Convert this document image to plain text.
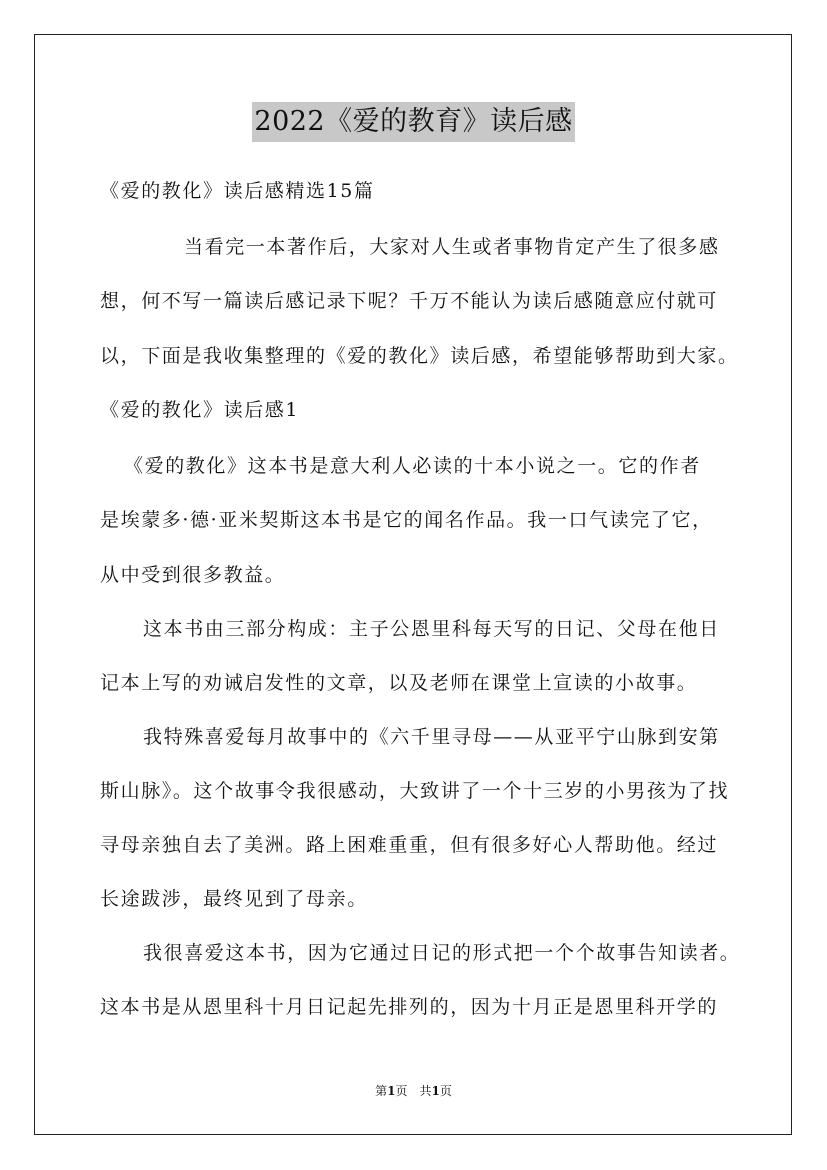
2022《爱的教育》读后感
《爱的教化》读后感精选15篇
当看完一本著作后，大家对人生或者事物肯定产生了很多感
想，何不写一篇读后感记录下呢？千万不能认为读后感随意应付就可
以，下面是我收集整理的《爱的教化》读后感，希望能够帮助到大家。
《爱的教化》读后感1
《爱的教化》这本书是意大利人必读的十本小说之一。它的作者
是埃蒙多·德·亚米契斯这本书是它的闻名作品。我一口气读完了它，
从中受到很多教益。
这本书由三部分构成：主子公恩里科每天写的日记、父母在他日
记本上写的劝诫启发性的文章，以及老师在课堂上宣读的小故事。
我特殊喜爱每月故事中的《六千里寻母——从亚平宁山脉到安第
斯山脉》。这个故事令我很感动，大致讲了一个十三岁的小男孩为了找
寻母亲独自去了美洲。路上困难重重，但有很多好心人帮助他。经过
长途跋涉，最终见到了母亲。
我很喜爱这本书，因为它通过日记的形式把一个个故事告知读者。
这本书是从恩里科十月日记起先排列的，因为十月正是恩里科开学的
第1页　共1页
